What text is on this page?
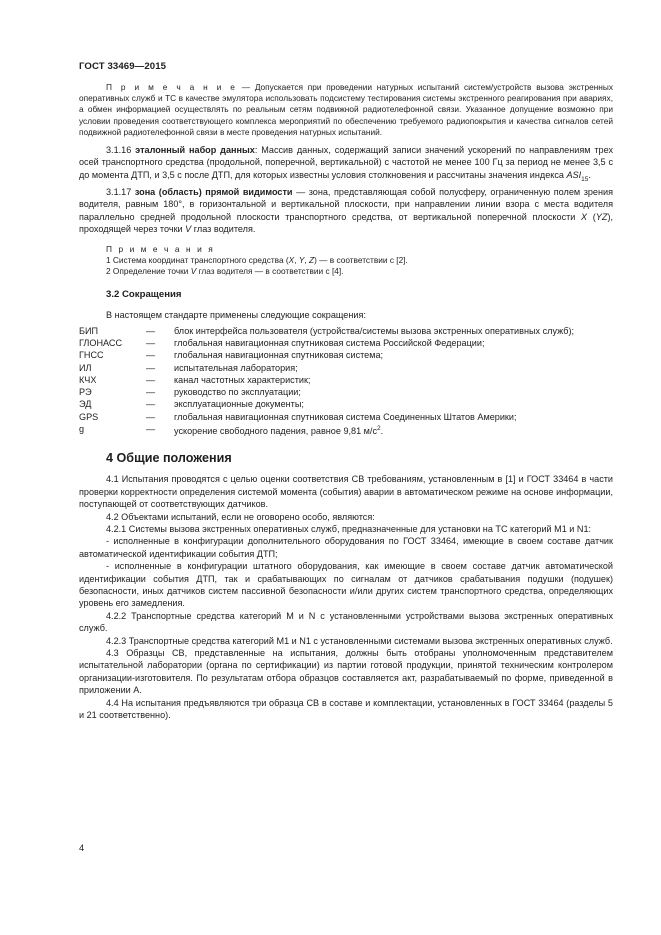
ГОСТ 33469—2015

П р и м е ч а н и е — Допускается при проведении натурных испытаний систем/устройств вызова экстренных оперативных служб и ТС в качестве эмулятора использовать подсистему тестирования системы экстренного реагирования при авариях, а обмен информацией осуществлять по реальным сетям подвижной радиотелефонной связи. Указанное допущение возможно при условии проведения соответствующего комплекса мероприятий по обеспечению требуемого радиопокрытия и качества сигналов сетей подвижной радиотелефонной связи в месте проведения натурных испытаний.

3.1.16 эталонный набор данных: Массив данных, содержащий записи значений ускорений по направлениям трех осей транспортного средства (продольной, поперечной, вертикальной) с частотой не менее 100 Гц за период не менее 3,5 с до момента ДТП, и 3,5 с после ДТП, для которых известны условия столкновения и рассчитаны значения индекса $ASI_{15}$.

3.1.17 зона (область) прямой видимости — зона, представляющая собой полусферу, ограниченную полем зрения водителя, равным 180°, в горизонтальной и вертикальной плоскости, при направлении линии взора с места водителя параллельно средней продольной плоскости транспортного средства, от вертикальной поперечной плоскости X (YZ), проходящей через точки V глаз водителя.

П р и м е ч а н и я

1 Система координат транспортного средства (X, Y, Z) — в соответствии с [2].

2 Определение точки V глаз водителя — в соответствии с [4].

3.2 Сокращения

В настоящем стандарте применены следующие сокращения:

БИП	—	блок интерфейса пользователя (устройства/системы вызова экстренных оперативных служб);
ГЛОНАСС	—	глобальная навигационная спутниковая система Российской Федерации;
ГНСС	—	глобальная навигационная спутниковая система;
ИЛ	—	испытательная лаборатория;
КЧХ	—	канал частотных характеристик;
РЭ	—	руководство по эксплуатации;
ЭД	—	эксплуатационные документы;
GPS	—	глобальная навигационная спутниковая система Соединенных Штатов Америки;
g	—	ускорение свободного падения, равное 9,81 $м/с^2$.

4 Общие положения

4.1 Испытания проводятся с целью оценки соответствия СВ требованиям, установленным в [1] и ГОСТ 33464 в части проверки корректности определения системой момента (события) аварии в автоматическом режиме на основе информации, поступающей от соответствующих датчиков.

4.2 Объектами испытаний, если не оговорено особо, являются:

4.2.1 Системы вызова экстренных оперативных служб, предназначенные для установки на ТС категорий М1 и N1:

- исполненные в конфигурации дополнительного оборудования по ГОСТ 33464, имеющие в своем составе датчик автоматической идентификации события ДТП;

- исполненные в конфигурации штатного оборудования, как имеющие в своем составе датчик автоматической идентификации события ДТП, так и срабатывающих по сигналам от датчиков срабатывания подушки (подушек) безопасности, иных датчиков систем пассивной безопасности и/или других систем транспортного средства, определяющих уровень его замедления.

4.2.2 Транспортные средства категорий М и N с установленными устройствами вызова экстренных оперативных служб.

4.2.3 Транспортные средства категорий М1 и N1 с установленными системами вызова экстренных оперативных служб.

4.3 Образцы СВ, представленные на испытания, должны быть отобраны уполномоченным представителем испытательной лаборатории (органа по сертификации) из партии готовой продукции, принятой техническим контролером организации-изготовителя. По результатам отбора образцов составляется акт, разрабатываемый по форме, приведенной в приложении А.

4.4 На испытания предъявляются три образца СВ в составе и комплектации, установленных в ГОСТ 33464 (разделы 5 и 21 соответственно).

4
